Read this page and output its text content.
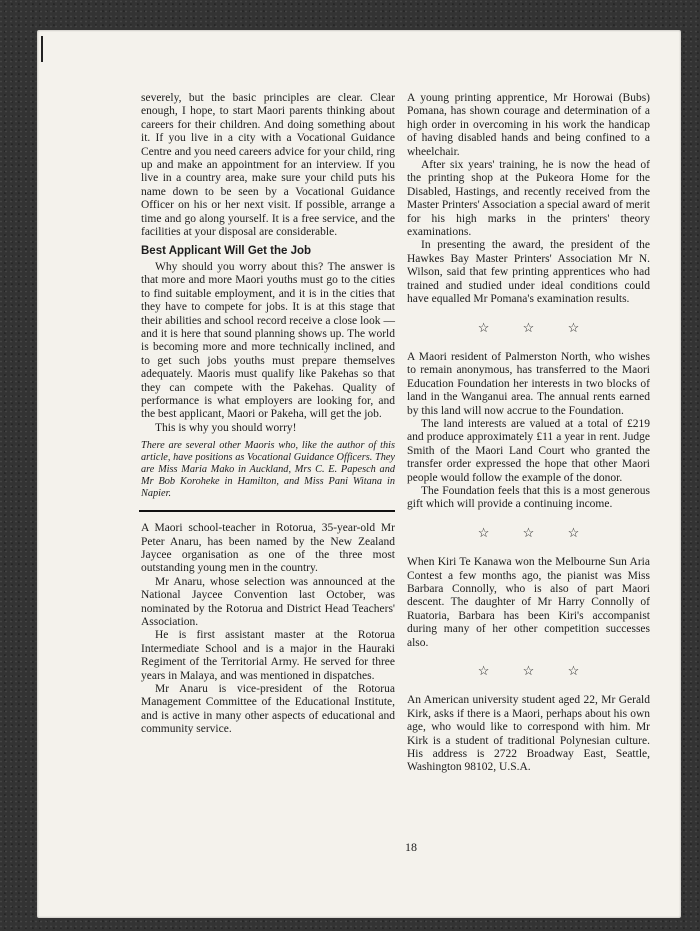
severely, but the basic principles are clear. Clear enough, I hope, to start Maori parents thinking about careers for their children. And doing something about it. If you live in a city with a Vocational Guidance Centre and you need careers advice for your child, ring up and make an appointment for an interview. If you live in a country area, make sure your child puts his name down to be seen by a Vocational Guidance Officer on his or her next visit. If possible, arrange a time and go along yourself. It is a free service, and the facilities at your disposal are considerable.

Best Applicant Will Get the Job

Why should you worry about this? The answer is that more and more Maori youths must go to the cities to find suitable employment, and it is in the cities that they have to compete for jobs. It is at this stage that their abilities and school record receive a close look —and it is here that sound planning shows up. The world is becoming more and more technically inclined, and to get such jobs youths must prepare themselves adequately. Maoris must qualify like Pakehas so that they can compete with the Pakehas. Quality of performance is what employers are looking for, and the best applicant, Maori or Pakeha, will get the job.

This is why you should worry!

There are several other Maoris who, like the author of this article, have positions as Vocational Guidance Officers. They are Miss Maria Mako in Auckland, Mrs C. E. Papesch and Mr Bob Koroheke in Hamilton, and Miss Pani Witana in Napier.

A Maori school-teacher in Rotorua, 35-year-old Mr Peter Anaru, has been named by the New Zealand Jaycee organisation as one of the three most outstanding young men in the country.

Mr Anaru, whose selection was announced at the National Jaycee Convention last October, was nominated by the Rotorua and District Head Teachers' Association.

He is first assistant master at the Rotorua Intermediate School and is a major in the Hauraki Regiment of the Territorial Army. He served for three years in Malaya, and was mentioned in dispatches.

Mr Anaru is vice-president of the Rotorua Management Committee of the Educational Institute, and is active in many other aspects of educational and community service.

A young printing apprentice, Mr Horowai (Bubs) Pomana, has shown courage and determination of a high order in overcoming in his work the handicap of having disabled hands and being confined to a wheelchair.

After six years' training, he is now the head of the printing shop at the Pukeora Home for the Disabled, Hastings, and recently received from the Master Printers' Association a special award of merit for his high marks in the printers' theory examinations.

In presenting the award, the president of the Hawkes Bay Master Printers' Association Mr N. Wilson, said that few printing apprentices who had trained and studied under ideal conditions could have equalled Mr Pomana's examination results.

☆ ☆ ☆

A Maori resident of Palmerston North, who wishes to remain anonymous, has transferred to the Maori Education Foundation her interests in two blocks of land in the Wanganui area. The annual rents earned by this land will now accrue to the Foundation.

The land interests are valued at a total of £219 and produce approximately £11 a year in rent. Judge Smith of the Maori Land Court who granted the transfer order expressed the hope that other Maori people would follow the example of the donor.

The Foundation feels that this is a most generous gift which will provide a continuing income.

☆ ☆ ☆

When Kiri Te Kanawa won the Melbourne Sun Aria Contest a few months ago, the pianist was Miss Barbara Connolly, who is also of part Maori descent. The daughter of Mr Harry Connolly of Ruatoria, Barbara has been Kiri's accompanist during many of her other competition successes also.

☆ ☆ ☆

An American university student aged 22, Mr Gerald Kirk, asks if there is a Maori, perhaps about his own age, who would like to correspond with him. Mr Kirk is a student of traditional Polynesian culture. His address is 2722 Broadway East, Seattle, Washington 98102, U.S.A.

18
